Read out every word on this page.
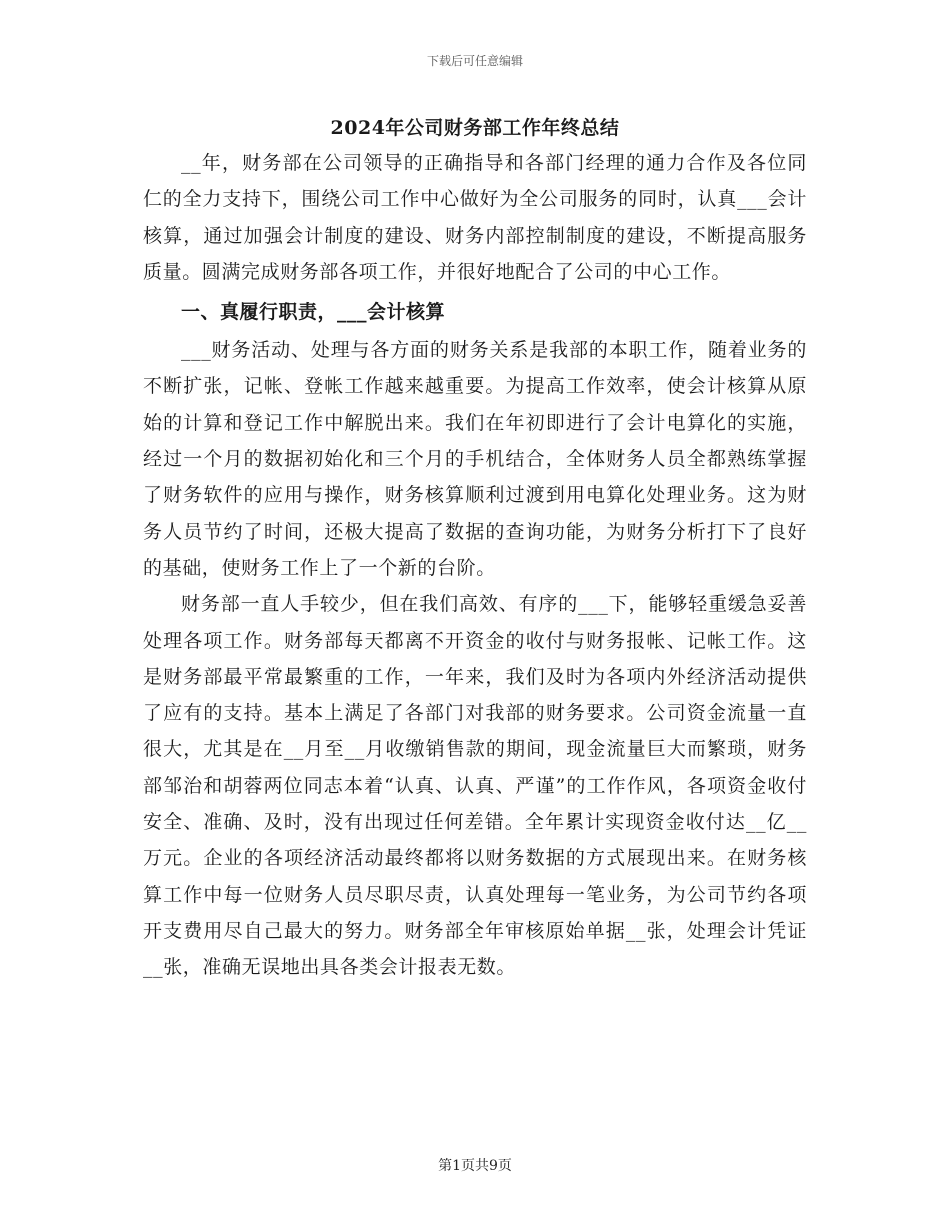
下载后可任意编辑
2024年公司财务部工作年终总结

__年，财务部在公司领导的正确指导和各部门经理的通力合作及各位同仁的全力支持下，围绕公司工作中心做好为全公司服务的同时，认真___会计核算，通过加强会计制度的建设、财务内部控制制度的建设，不断提高服务质量。圆满完成财务部各项工作，并很好地配合了公司的中心工作。

一、真履行职责，___会计核算

___财务活动、处理与各方面的财务关系是我部的本职工作，随着业务的不断扩张，记帐、登帐工作越来越重要。为提高工作效率，使会计核算从原始的计算和登记工作中解脱出来。我们在年初即进行了会计电算化的实施，经过一个月的数据初始化和三个月的手机结合，全体财务人员全都熟练掌握了财务软件的应用与操作，财务核算顺利过渡到用电算化处理业务。这为财务人员节约了时间，还极大提高了数据的查询功能，为财务分析打下了良好的基础，使财务工作上了一个新的台阶。

财务部一直人手较少，但在我们高效、有序的___下，能够轻重缓急妥善处理各项工作。财务部每天都离不开资金的收付与财务报帐、记帐工作。这是财务部最平常最繁重的工作，一年来，我们及时为各项内外经济活动提供了应有的支持。基本上满足了各部门对我部的财务要求。公司资金流量一直很大，尤其是在__月至__月收缴销售款的期间，现金流量巨大而繁琐，财务部邹治和胡蓉两位同志本着“认真、认真、严谨”的工作作风，各项资金收付安全、准确、及时，没有出现过任何差错。全年累计实现资金收付达__亿__万元。企业的各项经济活动最终都将以财务数据的方式展现出来。在财务核算工作中每一位财务人员尽职尽责，认真处理每一笔业务，为公司节约各项开支费用尽自己最大的努力。财务部全年审核原始单据__张，处理会计凭证__张，准确无误地出具各类会计报表无数。

第1页共9页
